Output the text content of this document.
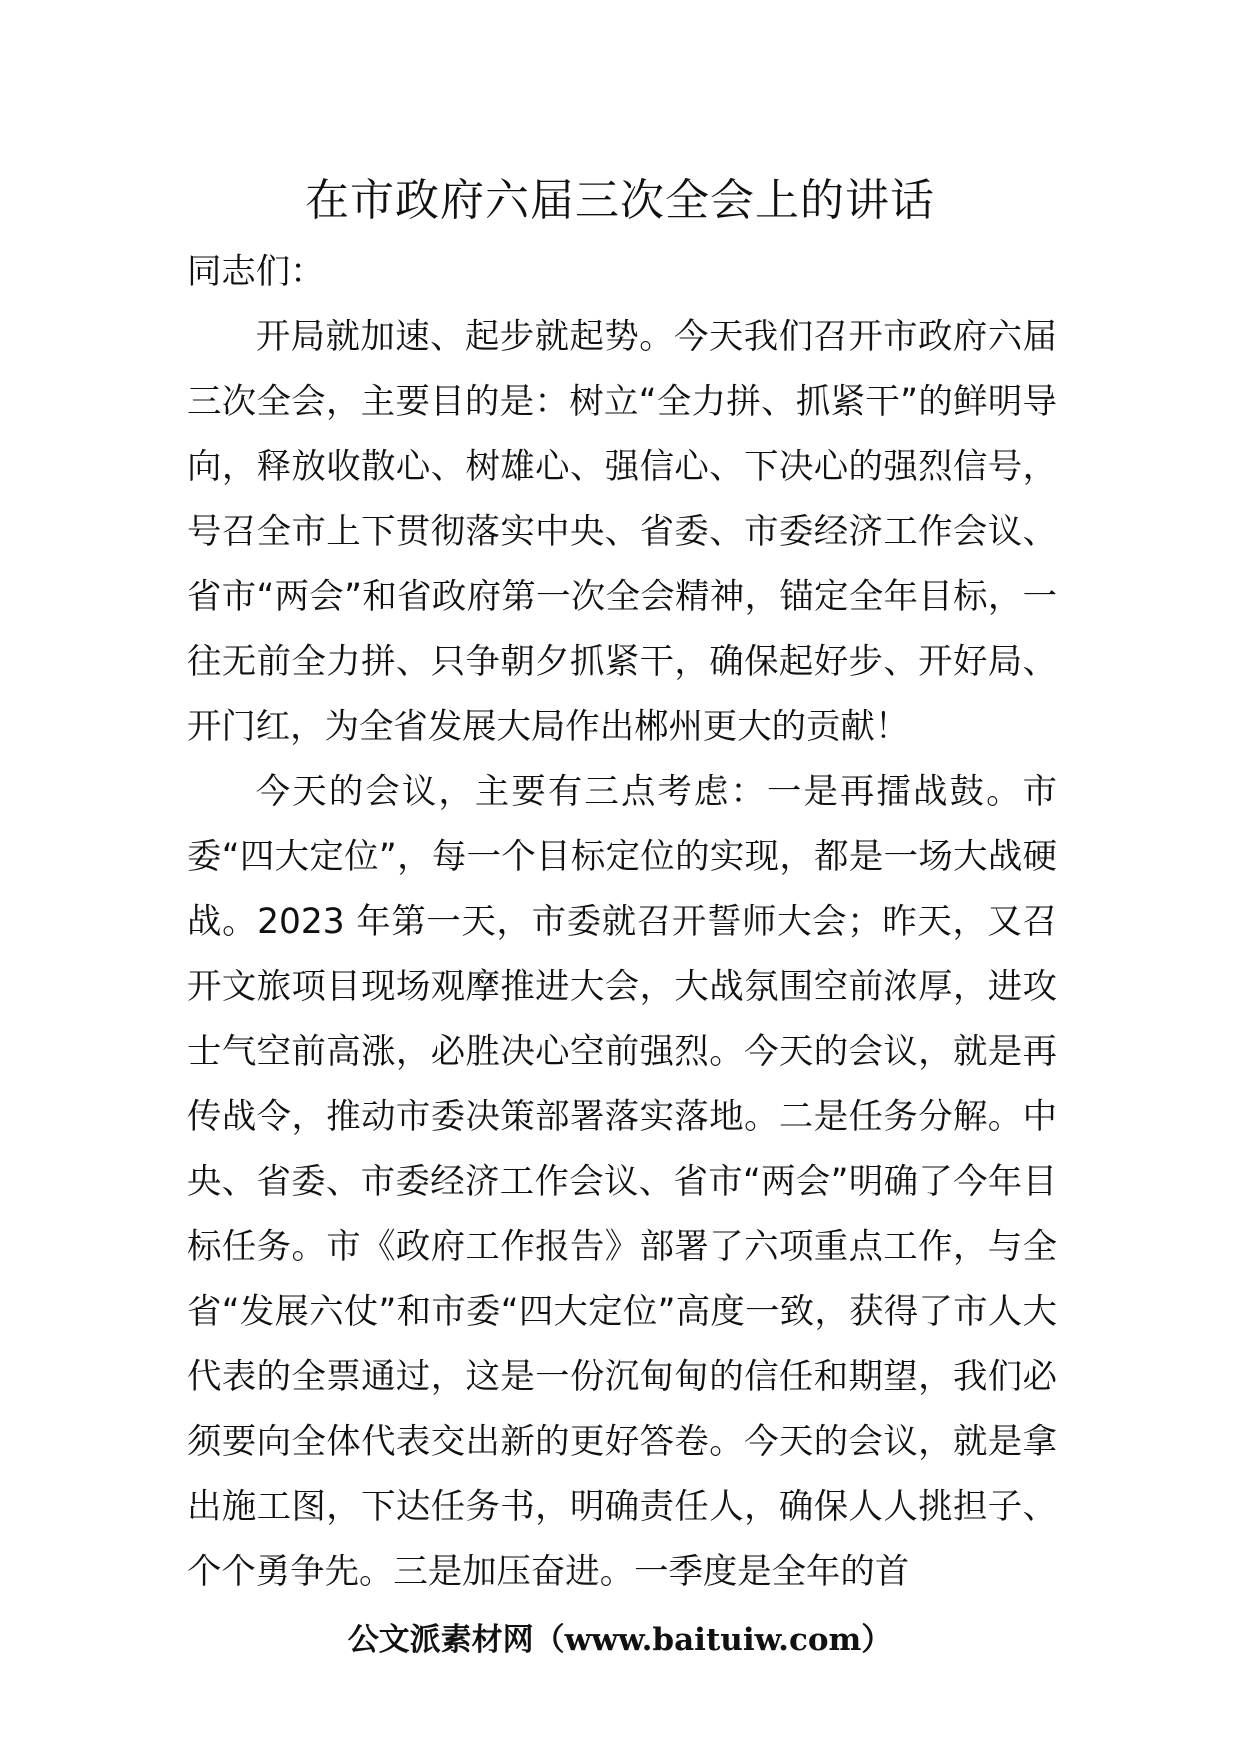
在市政府六届三次全会上的讲话

同志们：

开局就加速、起步就起势。今天我们召开市政府六届三次全会，主要目的是：树立“全力拼、抓紧干”的鲜明导向，释放收散心、树雄心、强信心、下决心的强烈信号，号召全市上下贯彻落实中央、省委、市委经济工作会议、省市“两会”和省政府第一次全会精神，锚定全年目标，一往无前全力拼、只争朝夕抓紧干，确保起好步、开好局、开门红，为全省发展大局作出郴州更大的贡献！

今天的会议，主要有三点考虑：一是再擂战鼓。市委“四大定位”，每一个目标定位的实现，都是一场大战硬战。2023 年第一天，市委就召开誓师大会；昨天，又召开文旅项目现场观摩推进大会，大战氛围空前浓厚，进攻士气空前高涨，必胜决心空前强烈。今天的会议，就是再传战令，推动市委决策部署落实落地。二是任务分解。中央、省委、市委经济工作会议、省市“两会”明确了今年目标任务。市《政府工作报告》部署了六项重点工作，与全省“发展六仗”和市委“四大定位”高度一致，获得了市人大代表的全票通过，这是一份沉甸甸的信任和期望，我们必须要向全体代表交出新的更好答卷。今天的会议，就是拿出施工图，下达任务书，明确责任人，确保人人挑担子、个个勇争先。三是加压奋进。一季度是全年的首

公文派素材网（www.baituiw.com）
